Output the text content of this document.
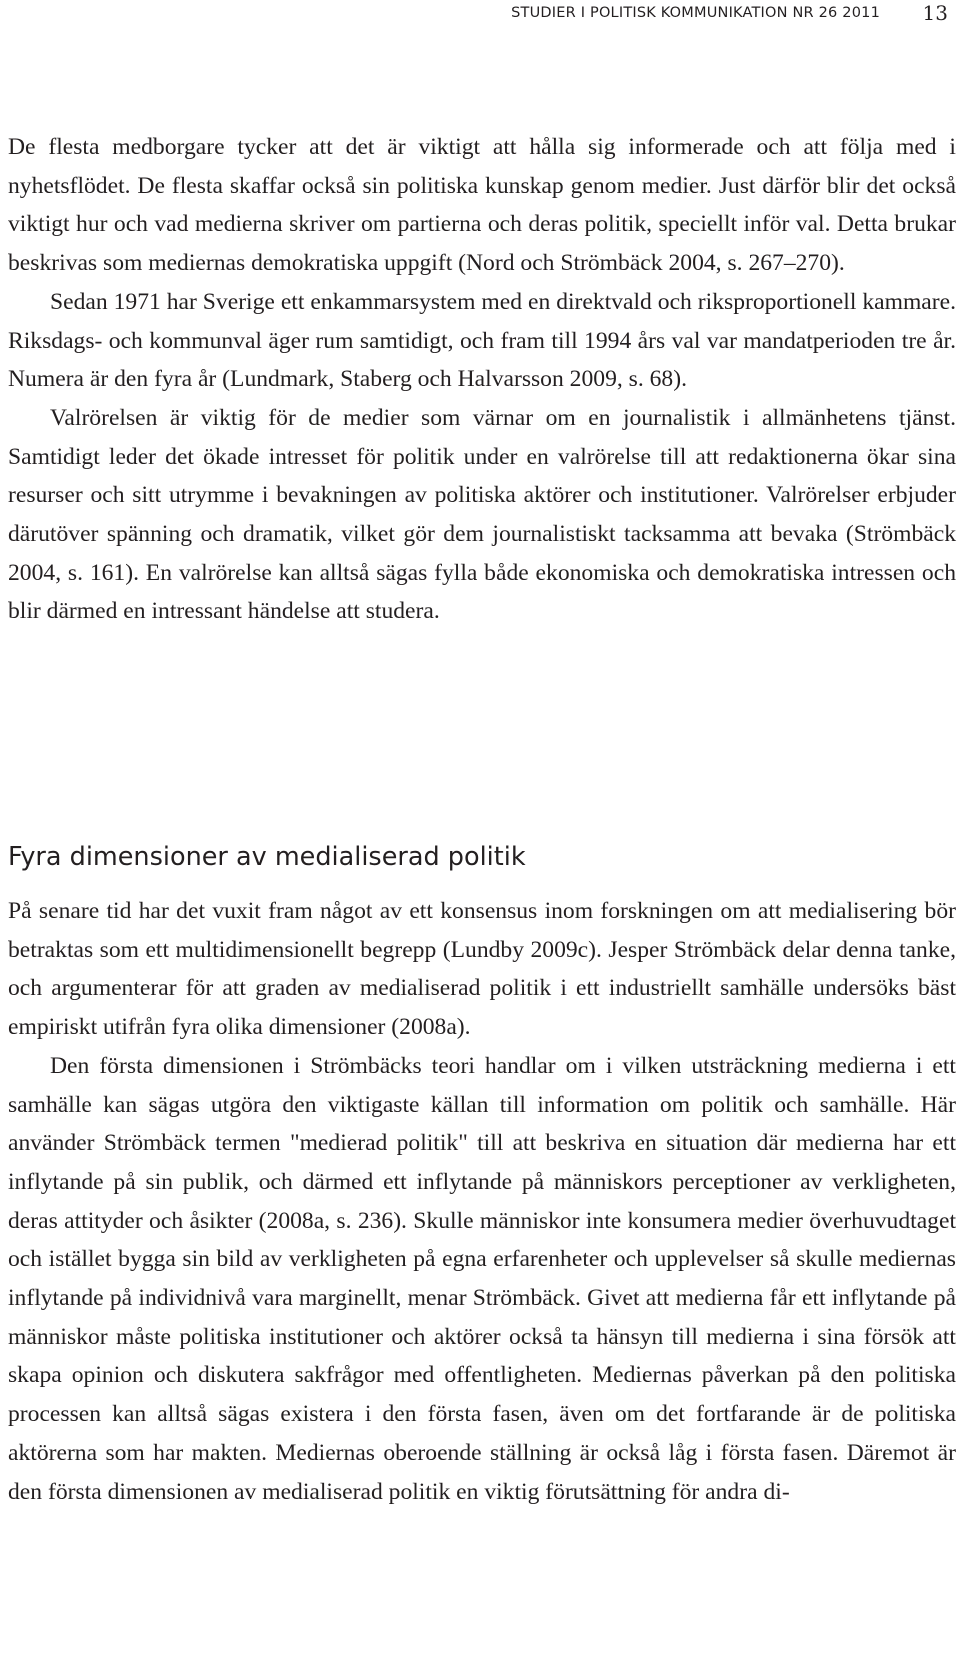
STUDIER I POLITISK KOMMUNIKATION NR 26 2011 13

De flesta medborgare tycker att det är viktigt att hålla sig informerade och att följa med i nyhetsflödet. De flesta skaffar också sin politiska kunskap genom medier. Just därför blir det också viktigt hur och vad medierna skriver om partierna och deras politik, speciellt inför val. Detta brukar beskrivas som mediernas demokratiska uppgift (Nord och Strömbäck 2004, s. 267–270).

Sedan 1971 har Sverige ett enkammarsystem med en direktvald och riksproportionell kammare. Riksdags- och kommunval äger rum samtidigt, och fram till 1994 års val var mandatperioden tre år. Numera är den fyra år (Lundmark, Staberg och Halvarsson 2009, s. 68).

Valrörelsen är viktig för de medier som värnar om en journalistik i allmänhetens tjänst. Samtidigt leder det ökade intresset för politik under en valrörelse till att redaktionerna ökar sina resurser och sitt utrymme i bevakningen av politiska aktörer och institutioner. Valrörelser erbjuder därutöver spänning och dramatik, vilket gör dem journalistiskt tacksamma att bevaka (Strömbäck 2004, s. 161). En valrörelse kan alltså sägas fylla både ekonomiska och demokratiska intressen och blir därmed en intressant händelse att studera.

Fyra dimensioner av medialiserad politik

På senare tid har det vuxit fram något av ett konsensus inom forskningen om att medialisering bör betraktas som ett multidimensionellt begrepp (Lundby 2009c). Jesper Strömbäck delar denna tanke, och argumenterar för att graden av medialiserad politik i ett industriellt samhälle undersöks bäst empiriskt utifrån fyra olika dimensioner (2008a).

Den första dimensionen i Strömbäcks teori handlar om i vilken utsträckning medierna i ett samhälle kan sägas utgöra den viktigaste källan till information om politik och samhälle. Här använder Strömbäck termen "medierad politik" till att beskriva en situation där medierna har ett inflytande på sin publik, och därmed ett inflytande på människors perceptioner av verkligheten, deras attityder och åsikter (2008a, s. 236). Skulle människor inte konsumera medier överhuvudtaget och istället bygga sin bild av verkligheten på egna erfarenheter och upplevelser så skulle mediernas inflytande på individnivå vara marginellt, menar Strömbäck. Givet att medierna får ett inflytande på människor måste politiska institutioner och aktörer också ta hänsyn till medierna i sina försök att skapa opinion och diskutera sakfrågor med offentligheten. Mediernas påverkan på den politiska processen kan alltså sägas existera i den första fasen, även om det fortfarande är de politiska aktörerna som har makten. Mediernas oberoende ställning är också låg i första fasen. Däremot är den första dimensionen av medialiserad politik en viktig förutsättning för andra di-
